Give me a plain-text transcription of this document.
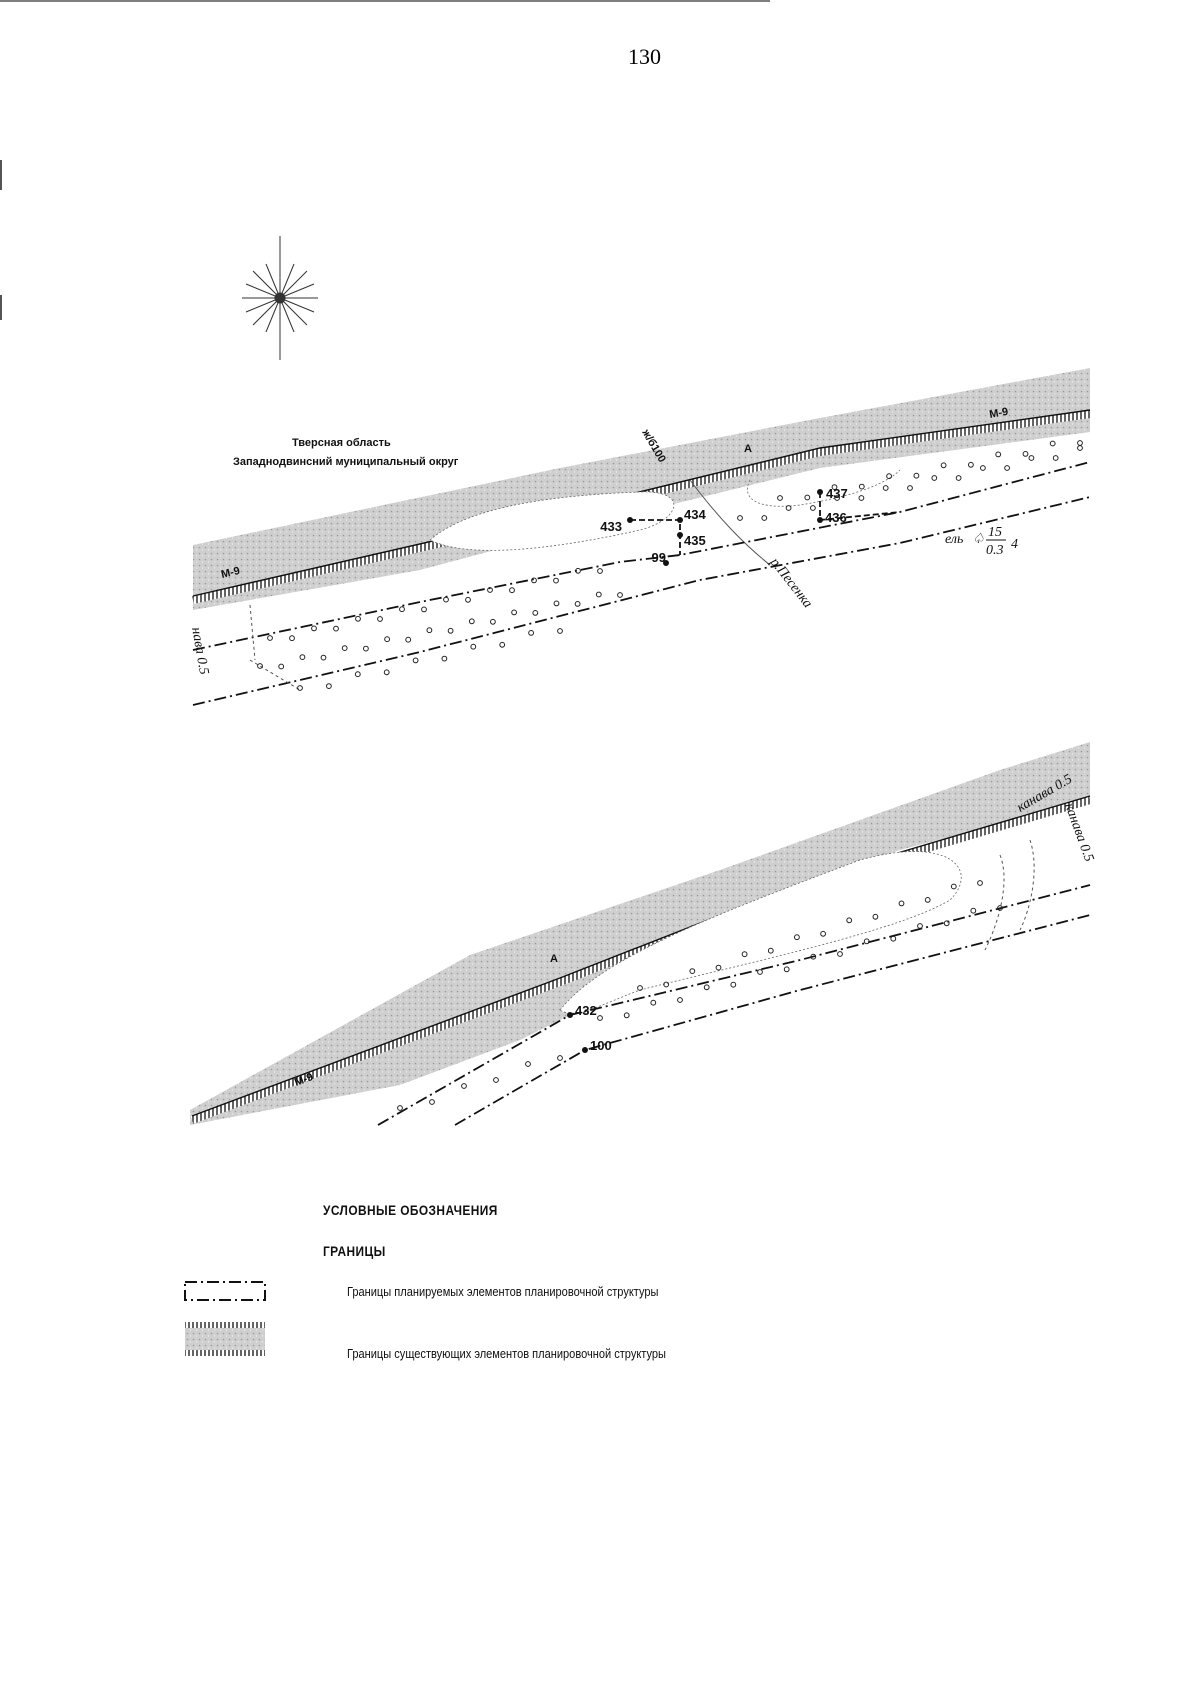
130
433
434
435
436
437
99
Тверсная область
Западнодвинсний муниципальный округ
М-9
М-9
А
ж/б100
р.Песенка
нава 0.5
ель ♤ 15
0.3 4
432
100
М-9
А
канава 0.5
канава 0.5
УСЛОВНЫЕ ОБОЗНАЧЕНИЯ
ГРАНИЦЫ
Границы планируемых элементов планировочной структуры
Границы существующих элементов планировочной структуры
